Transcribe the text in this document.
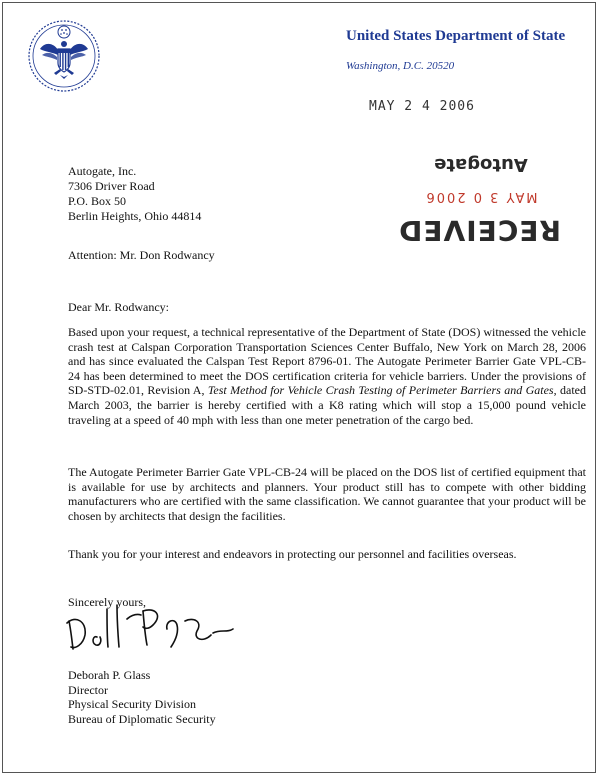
United States Department of State
Washington, D.C. 20520
MAY 2 4 2006
RECEIVED
MAY 3 0 2006
Autogate
Autogate, Inc.
7306 Driver Road
P.O. Box 50
Berlin Heights, Ohio 44814
Attention: Mr. Don Rodwancy
Dear Mr. Rodwancy:

Based upon your request, a technical representative of the Department of State (DOS) witnessed the vehicle crash test at Calspan Corporation Transportation Sciences Center Buffalo, New York on March 28, 2006 and has since evaluated the Calspan Test Report 8796-01. The Autogate Perimeter Barrier Gate VPL-CB-24 has been determined to meet the DOS certification criteria for vehicle barriers. Under the provisions of SD-STD-02.01, Revision A, Test Method for Vehicle Crash Testing of Perimeter Barriers and Gates, dated March 2003, the barrier is hereby certified with a K8 rating which will stop a 15,000 pound vehicle traveling at a speed of 40 mph with less than one meter penetration of the cargo bed.

The Autogate Perimeter Barrier Gate VPL-CB-24 will be placed on the DOS list of certified equipment that is available for use by architects and planners. Your product still has to compete with other bidding manufacturers who are certified with the same classification. We cannot guarantee that your product will be chosen by architects that design the facilities.

Thank you for your interest and endeavors in protecting our personnel and facilities overseas.

Sincerely yours,
Deborah P. Glass
Director
Physical Security Division
Bureau of Diplomatic Security
